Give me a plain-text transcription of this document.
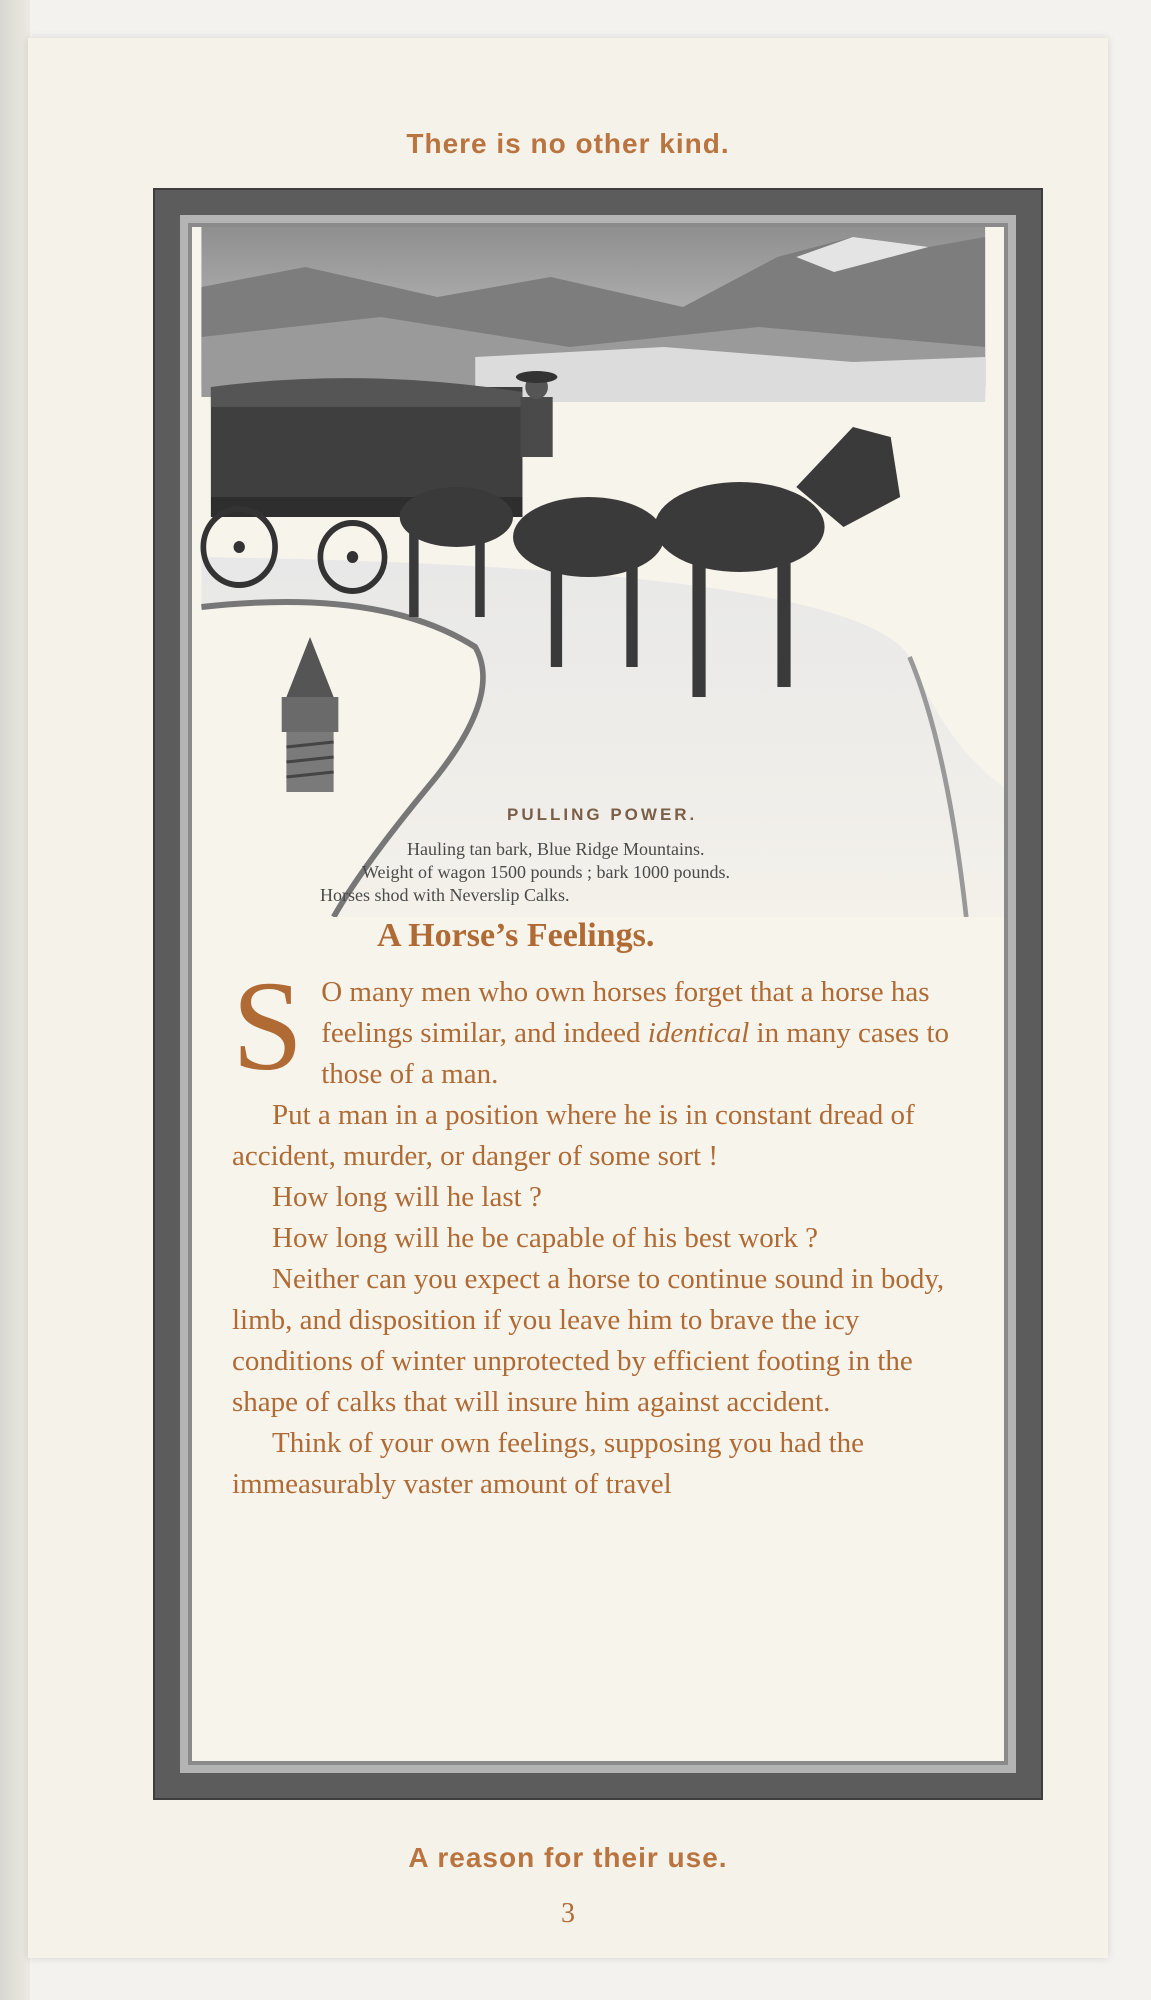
There is no other kind.
PULLING POWER.
Hauling tan bark, Blue Ridge Mountains.
Weight of wagon 1500 pounds ; bark 1000 pounds.
Horses shod with Neverslip Calks.
A Horse’s Feelings.

S O many men who own horses forget that a horse has feelings similar, and indeed identical in many cases to those of a man.

Put a man in a position where he is in constant dread of accident, murder, or danger of some sort !

How long will he last ?

How long will he be capable of his best work ?

Neither can you expect a horse to continue sound in body, limb, and disposition if you leave him to brave the icy conditions of winter unprotected by efficient footing in the shape of calks that will insure him against accident.

Think of your own feelings, supposing you had the immeasurably vaster amount of travel

A reason for their use.
3
